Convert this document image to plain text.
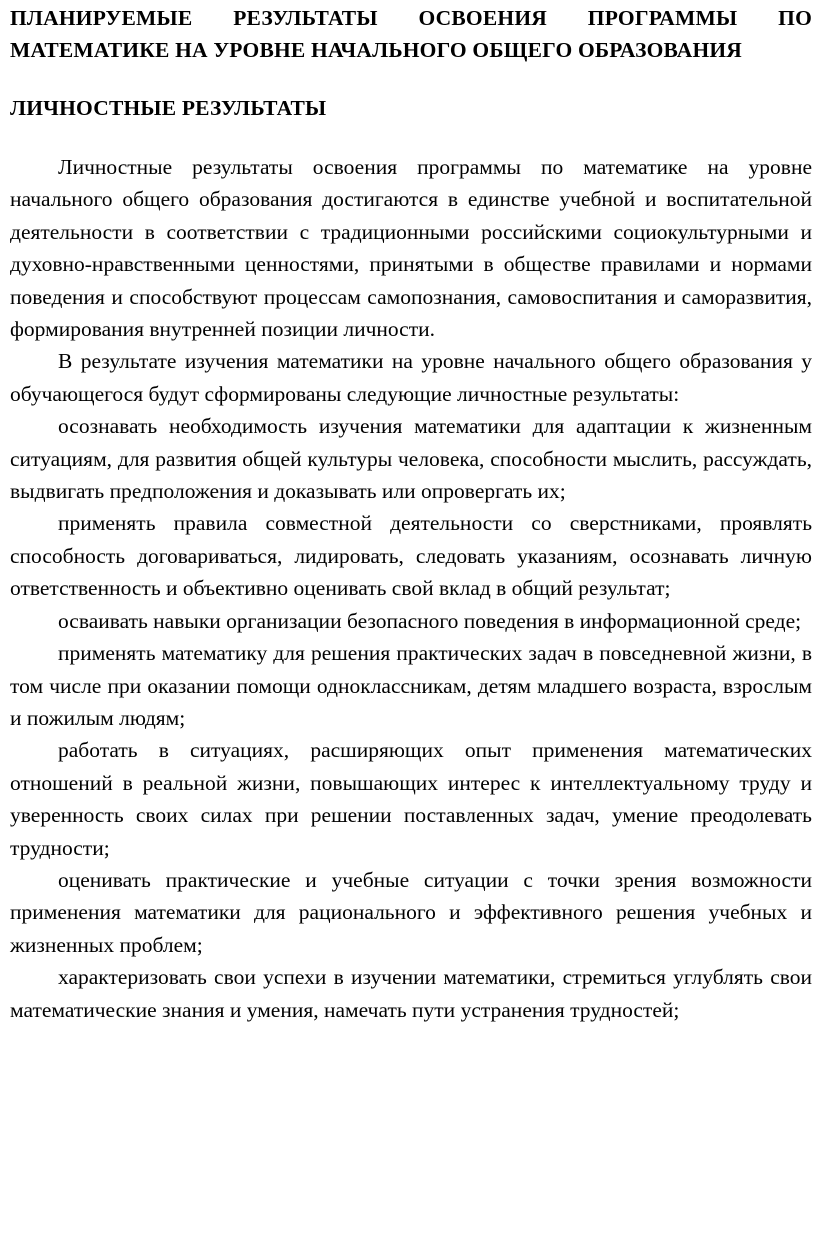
ПЛАНИРУЕМЫЕ РЕЗУЛЬТАТЫ ОСВОЕНИЯ ПРОГРАММЫ ПО МАТЕМАТИКЕ НА УРОВНЕ НАЧАЛЬНОГО ОБЩЕГО ОБРАЗОВАНИЯ
ЛИЧНОСТНЫЕ РЕЗУЛЬТАТЫ

Личностные результаты освоения программы по математике на уровне начального общего образования достигаются в единстве учебной и воспитательной деятельности в соответствии с традиционными российскими социокультурными и духовно-нравственными ценностями, принятыми в обществе правилами и нормами поведения и способствуют процессам самопознания, самовоспитания и саморазвития, формирования внутренней позиции личности.

В результате изучения математики на уровне начального общего образования у обучающегося будут сформированы следующие личностные результаты:

осознавать необходимость изучения математики для адаптации к жизненным ситуациям, для развития общей культуры человека, способности мыслить, рассуждать, выдвигать предположения и доказывать или опровергать их;

применять правила совместной деятельности со сверстниками, проявлять способность договариваться, лидировать, следовать указаниям, осознавать личную ответственность и объективно оценивать свой вклад в общий результат;

осваивать навыки организации безопасного поведения в информационной среде;

применять математику для решения практических задач в повседневной жизни, в том числе при оказании помощи одноклассникам, детям младшего возраста, взрослым и пожилым людям;

работать в ситуациях, расширяющих опыт применения математических отношений в реальной жизни, повышающих интерес к интеллектуальному труду и уверенность своих силах при решении поставленных задач, умение преодолевать трудности;

оценивать практические и учебные ситуации с точки зрения возможности применения математики для рационального и эффективного решения учебных и жизненных проблем;

характеризовать свои успехи в изучении математики, стремиться углублять свои математические знания и умения, намечать пути устранения трудностей;
